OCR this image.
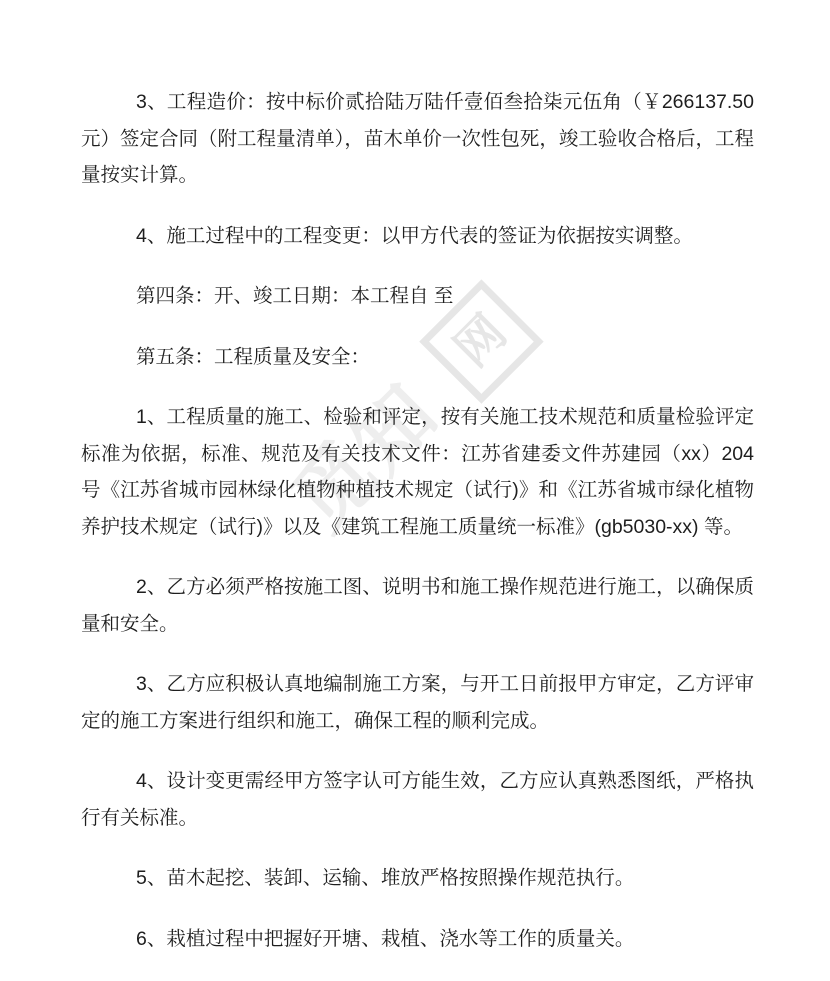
觅知
网

3、工程造价：按中标价贰拾陆万陆仟壹佰叁拾柒元伍角（￥266137.50 元）签定合同（附工程量清单），苗木单价一次性包死，竣工验收合格后，工程量按实计算。

4、施工过程中的工程变更：以甲方代表的签证为依据按实调整。

第四条：开、竣工日期：本工程自 至

第五条：工程质量及安全：

1、工程质量的施工、检验和评定，按有关施工技术规范和质量检验评定标准为依据，标准、规范及有关技术文件：江苏省建委文件苏建园（xx）204 号《江苏省城市园林绿化植物种植技术规定（试行)》和《江苏省城市绿化植物养护技术规定（试行)》以及《建筑工程施工质量统一标准》(gb5030-xx) 等。

2、乙方必须严格按施工图、说明书和施工操作规范进行施工，以确保质量和安全。

3、乙方应积极认真地编制施工方案，与开工日前报甲方审定，乙方评审定的施工方案进行组织和施工，确保工程的顺利完成。

4、设计变更需经甲方签字认可方能生效，乙方应认真熟悉图纸，严格执行有关标准。

5、苗木起挖、装卸、运输、堆放严格按照操作规范执行。

6、栽植过程中把握好开塘、栽植、浇水等工作的质量关。
